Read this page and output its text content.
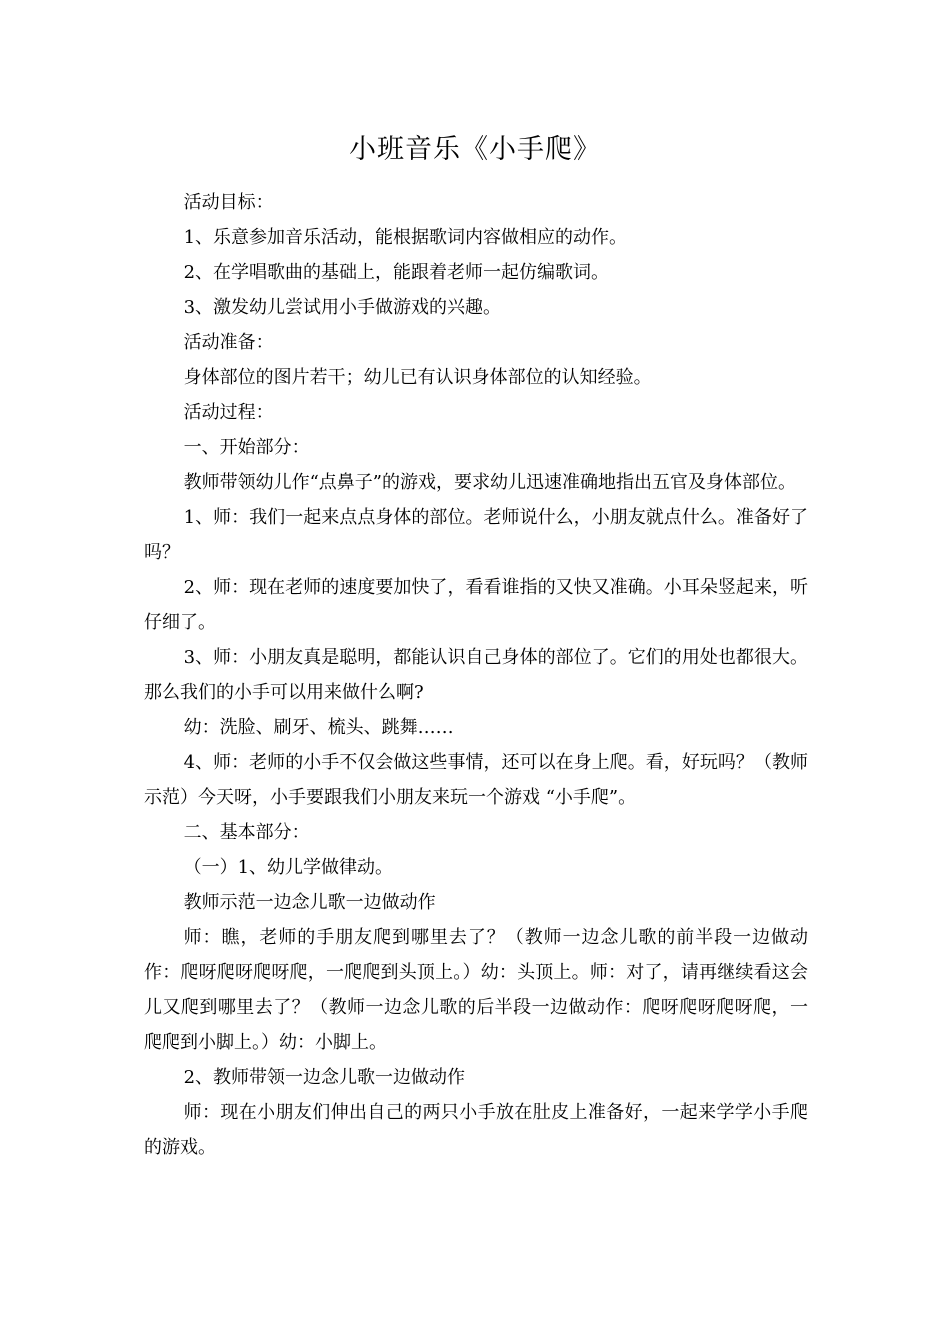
小班音乐《小手爬》

活动目标：

1、乐意参加音乐活动，能根据歌词内容做相应的动作。

2、在学唱歌曲的基础上，能跟着老师一起仿编歌词。

3、激发幼儿尝试用小手做游戏的兴趣。

活动准备：

身体部位的图片若干；幼儿已有认识身体部位的认知经验。

活动过程：

一、开始部分：

教师带领幼儿作“点鼻子”的游戏，要求幼儿迅速准确地指出五官及身体部位。

1、师：我们一起来点点身体的部位。老师说什么，小朋友就点什么。准备好了吗？

2、师：现在老师的速度要加快了，看看谁指的又快又准确。小耳朵竖起来，听仔细了。

3、师：小朋友真是聪明，都能认识自己身体的部位了。它们的用处也都很大。那么我们的小手可以用来做什么啊?

幼：洗脸、刷牙、梳头、跳舞……

4、师：老师的小手不仅会做这些事情，还可以在身上爬。看，好玩吗？（教师示范）今天呀，小手要跟我们小朋友来玩一个游戏 “小手爬”。

二、基本部分：

（一）1、幼儿学做律动。

教师示范一边念儿歌一边做动作

师：瞧，老师的手朋友爬到哪里去了？（教师一边念儿歌的前半段一边做动作：爬呀爬呀爬呀爬，一爬爬到头顶上。）幼：头顶上。师：对了，请再继续看这会儿又爬到哪里去了？（教师一边念儿歌的后半段一边做动作：爬呀爬呀爬呀爬，一爬爬到小脚上。）幼：小脚上。

2、教师带领一边念儿歌一边做动作

师：现在小朋友们伸出自己的两只小手放在肚皮上准备好，一起来学学小手爬的游戏。
